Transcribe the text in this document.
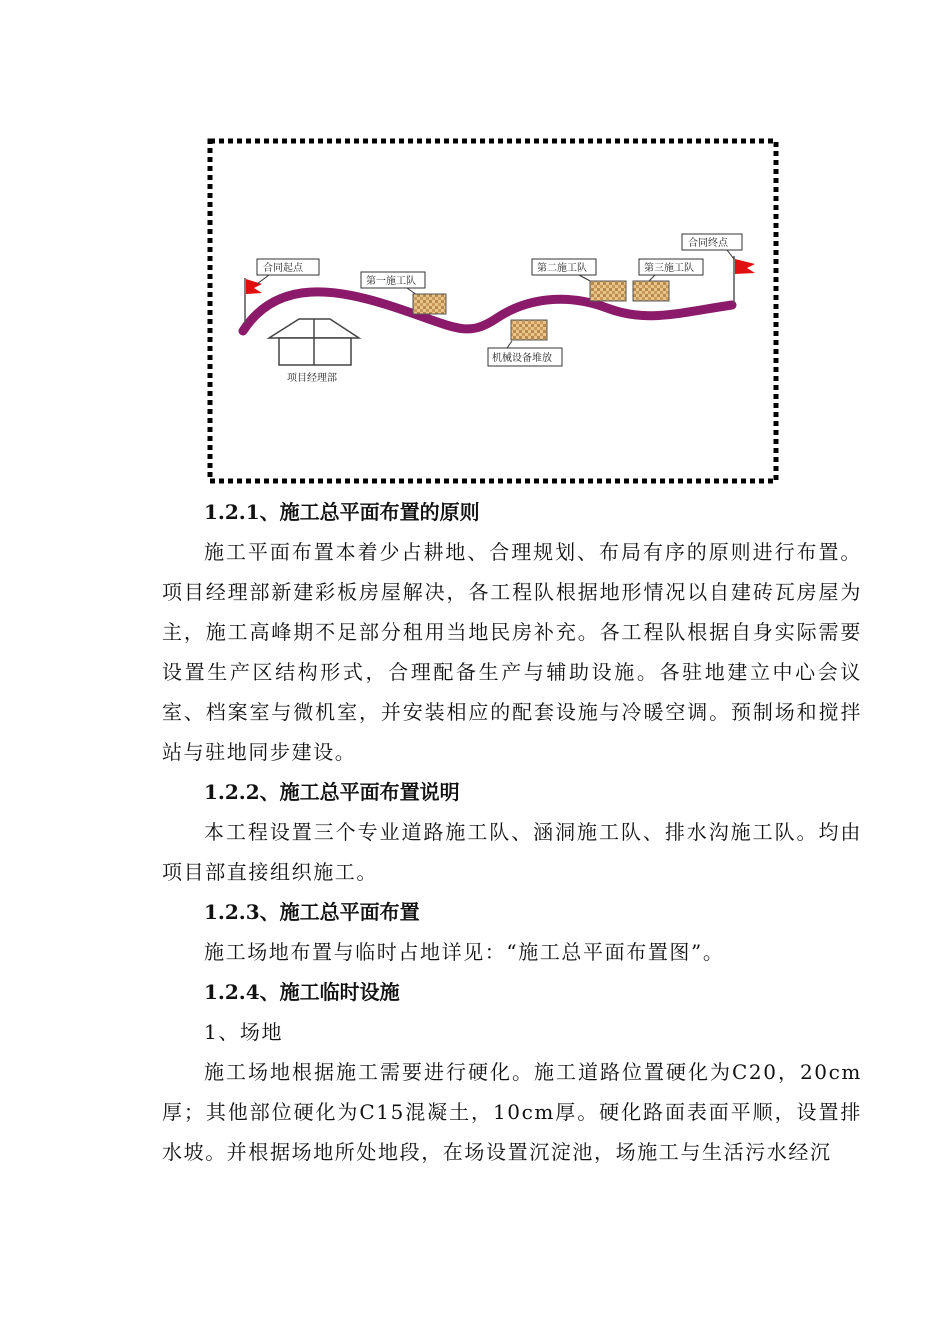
合同起点
合同终点
第一施工队
第二施工队	第三施工队
机械设备堆放
项目经理部

1.2.1、施工总平面布置的原则

施工平面布置本着少占耕地、合理规划、布局有序的原则进行布置。项目经理部新建彩板房屋解决，各工程队根据地形情况以自建砖瓦房屋为主，施工高峰期不足部分租用当地民房补充。各工程队根据自身实际需要设置生产区结构形式，合理配备生产与辅助设施。各驻地建立中心会议室、档案室与微机室，并安装相应的配套设施与冷暖空调。预制场和搅拌站与驻地同步建设。

1.2.2、施工总平面布置说明

本工程设置三个专业道路施工队、涵洞施工队、排水沟施工队。均由项目部直接组织施工。

1.2.3、施工总平面布置

施工场地布置与临时占地详见：“施工总平面布置图”。

1.2.4、施工临时设施

1、场地

施工场地根据施工需要进行硬化。施工道路位置硬化为C20，20cm厚；其他部位硬化为C15混凝土，10cm厚。硬化路面表面平顺，设置排水坡。并根据场地所处地段，在场设置沉淀池，场施工与生活污水经沉
